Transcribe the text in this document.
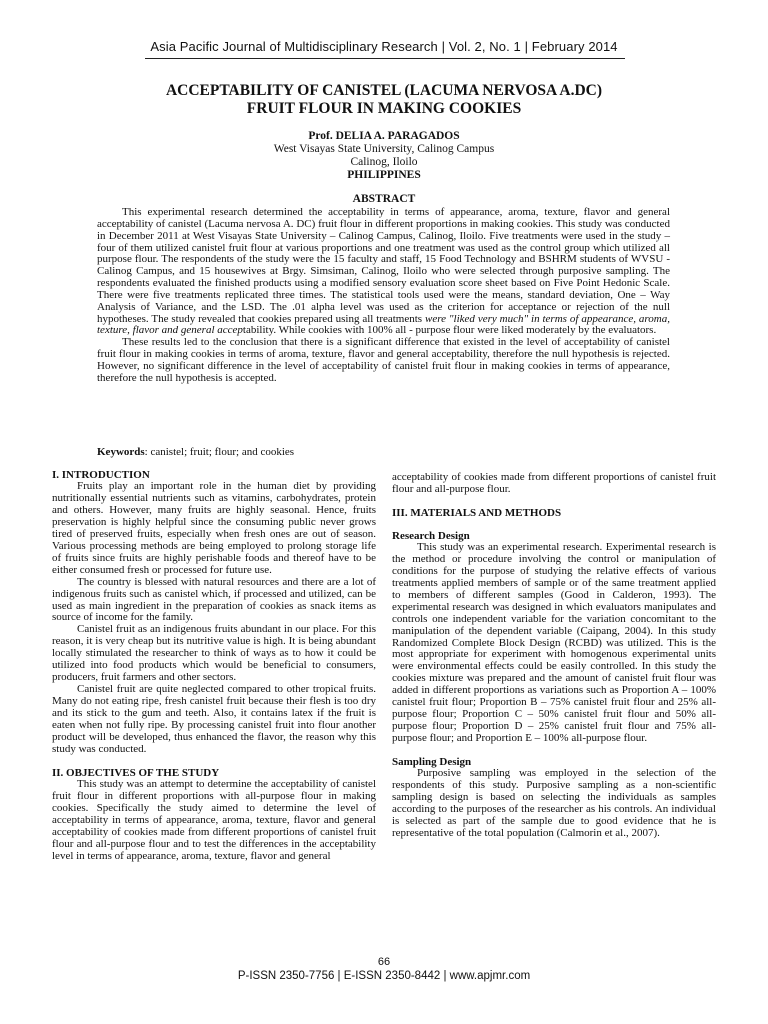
Asia Pacific Journal of Multidisciplinary Research | Vol. 2, No. 1 | February 2014
ACCEPTABILITY OF CANISTEL (LACUMA NERVOSA A.DC)
FRUIT FLOUR IN MAKING COOKIES
Prof. DELIA A. PARAGADOS
West Visayas State University, Calinog Campus
Calinog, Iloilo
PHILIPPINES
ABSTRACT

This experimental research determined the acceptability in terms of appearance, aroma, texture, flavor and general acceptability of canistel (Lacuma nervosa A. DC) fruit flour in different proportions in making cookies. This study was conducted in December 2011 at West Visayas State University – Calinog Campus, Calinog, Iloilo. Five treatments were used in the study – four of them utilized canistel fruit flour at various proportions and one treatment was used as the control group which utilized all purpose flour. The respondents of the study were the 15 faculty and staff, 15 Food Technology and BSHRM students of WVSU - Calinog Campus, and 15 housewives at Brgy. Simsiman, Calinog, Iloilo who were selected through purposive sampling. The respondents evaluated the finished products using a modified sensory evaluation score sheet based on Five Point Hedonic Scale. There were five treatments replicated three times. The statistical tools used were the means, standard deviation, One – Way Analysis of Variance, and the LSD. The .01 alpha level was used as the criterion for acceptance or rejection of the null hypotheses. The study revealed that cookies prepared using all treatments were "liked very much" in terms of appearance, aroma, texture, flavor and general acceptability. While cookies with 100% all - purpose flour were liked moderately by the evaluators.

These results led to the conclusion that there is a significant difference that existed in the level of acceptability of canistel fruit flour in making cookies in terms of aroma, texture, flavor and general acceptability, therefore the null hypothesis is rejected. However, no significant difference in the level of acceptability of canistel fruit flour in making cookies in terms of appearance, therefore the null hypothesis is accepted.

Keywords: canistel; fruit; flour; and cookies
I. INTRODUCTION

Fruits play an important role in the human diet by providing nutritionally essential nutrients such as vitamins, carbohydrates, protein and others. However, many fruits are highly seasonal. Hence, fruits preservation is highly helpful since the consuming public never grows tired of preserved fruits, especially when fresh ones are out of season. Various processing methods are being employed to prolong storage life of fruits since fruits are highly perishable foods and thereof have to be either consumed fresh or processed for future use.

The country is blessed with natural resources and there are a lot of indigenous fruits such as canistel which, if processed and utilized, can be used as main ingredient in the preparation of cookies as snack items as source of income for the family.

Canistel fruit as an indigenous fruits abundant in our place. For this reason, it is very cheap but its nutritive value is high. It is being abundant locally stimulated the researcher to think of ways as to how it could be utilized into food products which would be beneficial to consumers, producers, fruit farmers and other sectors.

Canistel fruit are quite neglected compared to other tropical fruits. Many do not eating ripe, fresh canistel fruit because their flesh is too dry and its stick to the gum and teeth. Also, it contains latex if the fruit is eaten when not fully ripe. By processing canistel fruit into flour another product will be developed, thus enhanced the flavor, the reason why this study was conducted.

II. OBJECTIVES OF THE STUDY

This study was an attempt to determine the acceptability of canistel fruit flour in different proportions with all-purpose flour in making cookies. Specifically the study aimed to determine the level of acceptability in terms of appearance, aroma, texture, flavor and general acceptability of cookies made from different proportions of canistel fruit flour and all-purpose flour and to test the differences in the acceptability level in terms of appearance, aroma, texture, flavor and general

acceptability of cookies made from different proportions of canistel fruit flour and all-purpose flour.

III. MATERIALS AND METHODS
Research Design

This study was an experimental research. Experimental research is the method or procedure involving the control or manipulation of conditions for the purpose of studying the relative effects of various treatments applied members of sample or of the same treatment applied to members of different samples (Good in Calderon, 1993). The experimental research was designed in which evaluators manipulates and controls one independent variable for the variation concomitant to the manipulation of the dependent variable (Caipang, 2004). In this study Randomized Complete Block Design (RCBD) was utilized. This is the most appropriate for experiment with homogenous experimental units were environmental effects could be easily controlled. In this study the cookies mixture was prepared and the amount of canistel fruit flour was added in different proportions as variations such as Proportion A – 100% canistel fruit flour; Proportion B – 75% canistel fruit flour and 25% all-purpose flour; Proportion C – 50% canistel fruit flour and 50% all-purpose flour; Proportion D – 25% canistel fruit flour and 75% all-purpose flour; and Proportion E – 100% all-purpose flour.

Sampling Design

Purposive sampling was employed in the selection of the respondents of this study. Purposive sampling as a non-scientific sampling design is based on selecting the individuals as samples according to the purposes of the researcher as his controls. An individual is selected as part of the sample due to good evidence that he is representative of the total population (Calmorin et al., 2007).

66
P-ISSN 2350-7756 | E-ISSN 2350-8442 | www.apjmr.com
